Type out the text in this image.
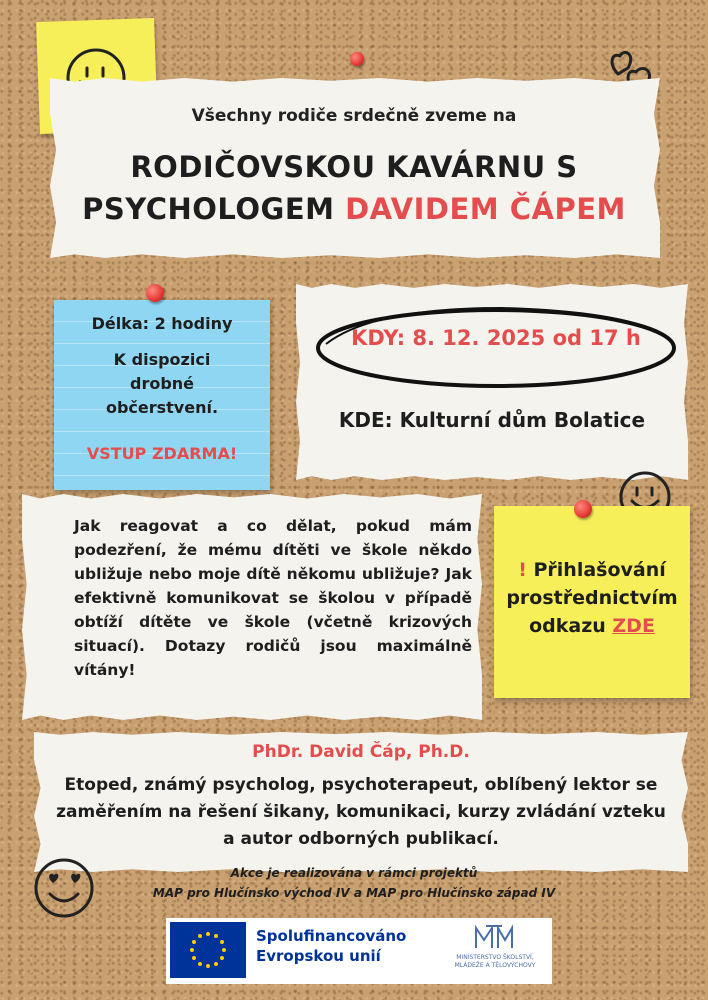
Všechny rodiče srdečně zveme na
RODIČOVSKOU KAVÁRNU S
PSYCHOLOGEM DAVIDEM ČÁPEM
Délka: 2 hodiny
K dispozici drobné občerstvení.
VSTUP ZDARMA!
KDY: 8. 12. 2025 od 17 h
KDE: Kulturní dům Bolatice
Jak reagovat a co dělat, pokud mám podezření, že mému dítěti ve škole někdo ubližuje nebo moje dítě někomu ubližuje? Jak efektivně komunikovat se školou v případě obtíží dítěte ve škole (včetně krizových situací). Dotazy rodičů jsou maximálně vítány!
! Přihlašování
prostřednictvím
odkazu ZDE
PhDr. David Čáp, Ph.D.
Etoped, známý psycholog, psychoterapeut, oblíbený lektor se zaměřením na řešení šikany, komunikaci, kurzy zvládání vzteku a autor odborných publikací.
Akce je realizována v rámci projektů
MAP pro Hlučínsko východ IV a MAP pro Hlučínsko západ IV
Spolufinancováno
Evropskou unií	MINISTERSTVO ŠKOLSTVÍ,
MLÁDEŽE A TĚLOVÝCHOVY
